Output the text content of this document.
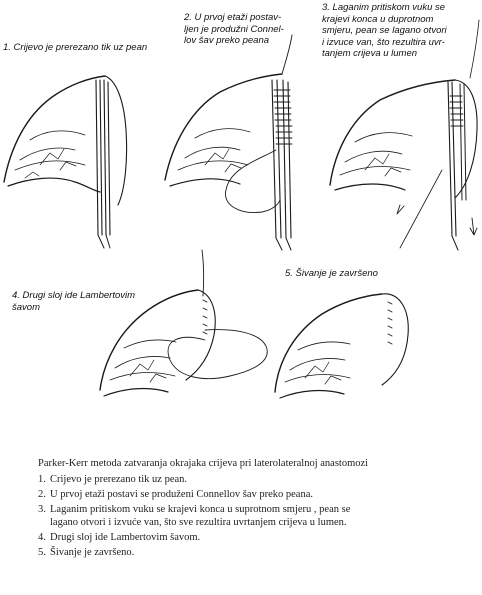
1. Crijevo je prerezano tik uz pean
2. U prvoj etaži postav-
ljen je produžni Connel-
lov šav preko peana
3. Laganim pritiskom vuku se
krajevi konca u duprotnom
smjeru, pean se lagano otvori
i izvuce van, što rezultira uvr-
tanjem crijeva u lumen
4. Drugi sloj ide Lambertovim
šavom
5. Šivanje je završeno

Parker-Kerr metoda zatvaranja okrajaka crijeva pri laterolateralnoj anastomozi

1. Crijevo je prerezano tik uz pean.
2. U prvoj etaži postavi se produženi Connellov šav preko peana.
3. Laganim pritiskom vuku se krajevi konca u suprotnom smjeru , pean se
lagano otvori i izvuće van, što sve rezultira uvrtanjem crijeva u lumen.
4. Drugi sloj ide Lambertovim šavom.
5. Šivanje je završeno.
